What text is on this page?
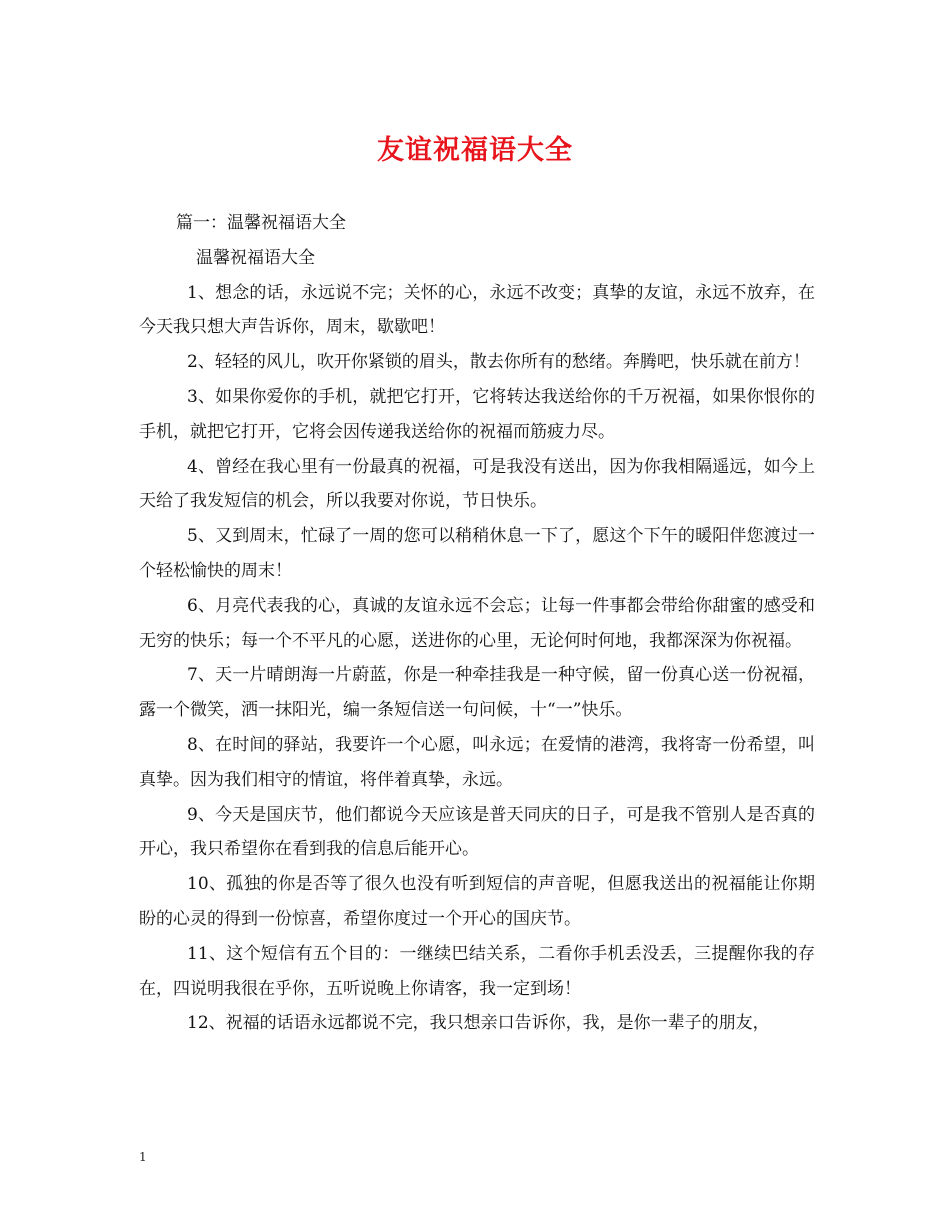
友谊祝福语大全
篇一：温馨祝福语大全
温馨祝福语大全

1、想念的话，永远说不完；关怀的心，永远不改变；真挚的友谊，永远不放弃，在今天我只想大声告诉你，周末，歇歇吧！

2、轻轻的风儿，吹开你紧锁的眉头，散去你所有的愁绪。奔腾吧，快乐就在前方！

3、如果你爱你的手机，就把它打开，它将转达我送给你的千万祝福，如果你恨你的手机，就把它打开，它将会因传递我送给你的祝福而筋疲力尽。

4、曾经在我心里有一份最真的祝福，可是我没有送出，因为你我相隔遥远，如今上天给了我发短信的机会，所以我要对你说，节日快乐。

5、又到周末，忙碌了一周的您可以稍稍休息一下了，愿这个下午的暖阳伴您渡过一个轻松愉快的周末！

6、月亮代表我的心，真诚的友谊永远不会忘；让每一件事都会带给你甜蜜的感受和无穷的快乐；每一个不平凡的心愿，送进你的心里，无论何时何地，我都深深为你祝福。

7、天一片晴朗海一片蔚蓝，你是一种牵挂我是一种守候，留一份真心送一份祝福，露一个微笑，洒一抹阳光，编一条短信送一句问候，十“一”快乐。

8、在时间的驿站，我要许一个心愿，叫永远；在爱情的港湾，我将寄一份希望，叫真挚。因为我们相守的情谊，将伴着真挚，永远。

9、今天是国庆节，他们都说今天应该是普天同庆的日子，可是我不管别人是否真的开心，我只希望你在看到我的信息后能开心。

10、孤独的你是否等了很久也没有听到短信的声音呢，但愿我送出的祝福能让你期盼的心灵的得到一份惊喜，希望你度过一个开心的国庆节。

11、这个短信有五个目的：一继续巴结关系，二看你手机丢没丢，三提醒你我的存在，四说明我很在乎你，五听说晚上你请客，我一定到场！

12、祝福的话语永远都说不完，我只想亲口告诉你，我，是你一辈子的朋友，

1
